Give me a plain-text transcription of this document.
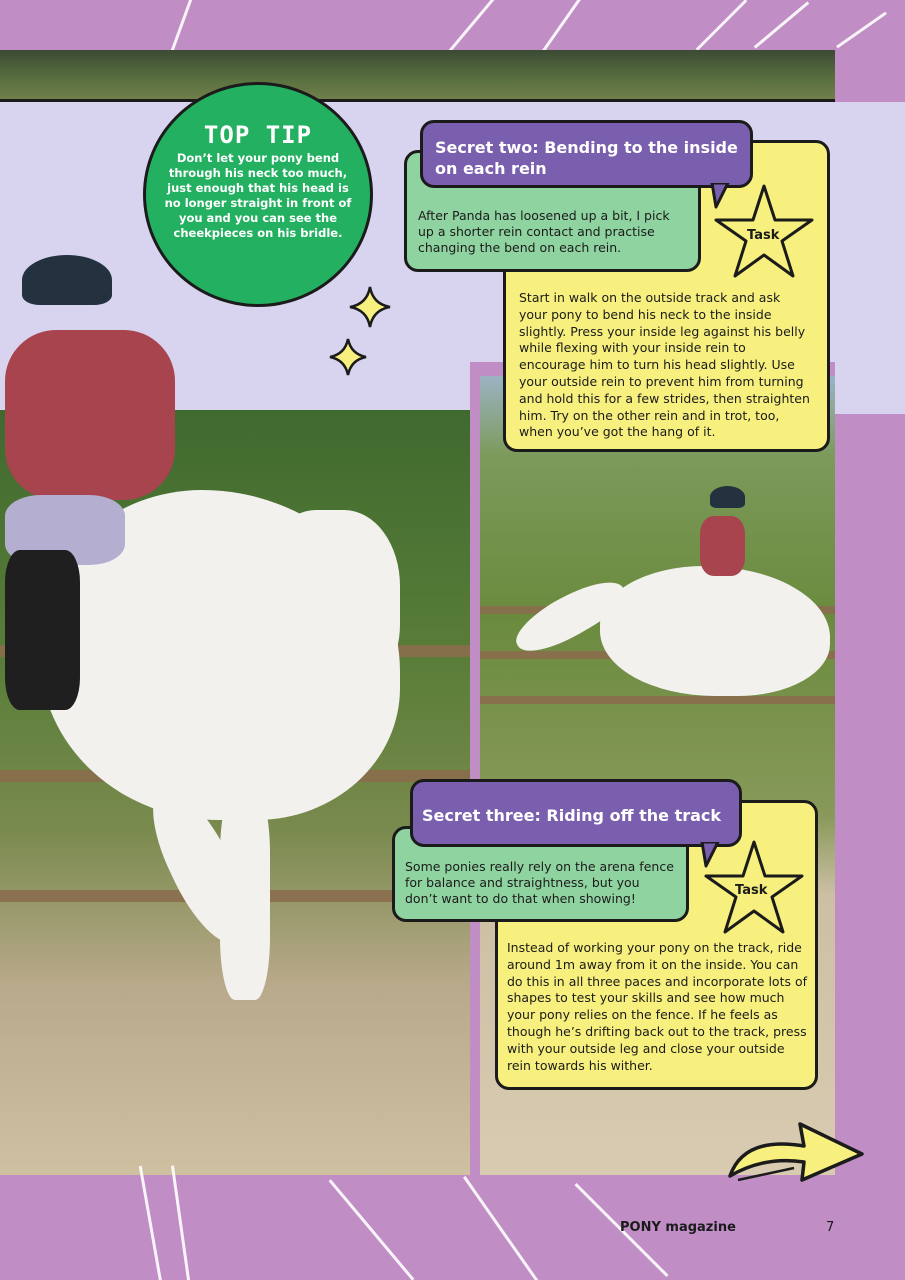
TOP TIP

Don’t let your pony bend through his neck too much, just enough that his head is no longer straight in front of you and you can see the cheekpieces on his bridle.

After Panda has loosened up a bit, I pick up a shorter rein contact and practise changing the bend on each rein.
Secret two: Bending to the inside on each rein
Task
Start in walk on the outside track and ask your pony to bend his neck to the inside slightly. Press your inside leg against his belly while flexing with your inside rein to encourage him to turn his head slightly. Use your outside rein to prevent him from turning and hold this for a few strides, then straighten him. Try on the other rein and in trot, too, when you’ve got the hang of it.
Some ponies really rely on the arena fence for balance and straightness, but you don’t want to do that when showing!
Secret three: Riding off the track
Task
Instead of working your pony on the track, ride around 1m away from it on the inside. You can do this in all three paces and incorporate lots of shapes to test your skills and see how much your pony relies on the fence. If he feels as though he’s drifting back out to the track, press with your outside leg and close your outside rein towards his wither.
PONY magazine	7
